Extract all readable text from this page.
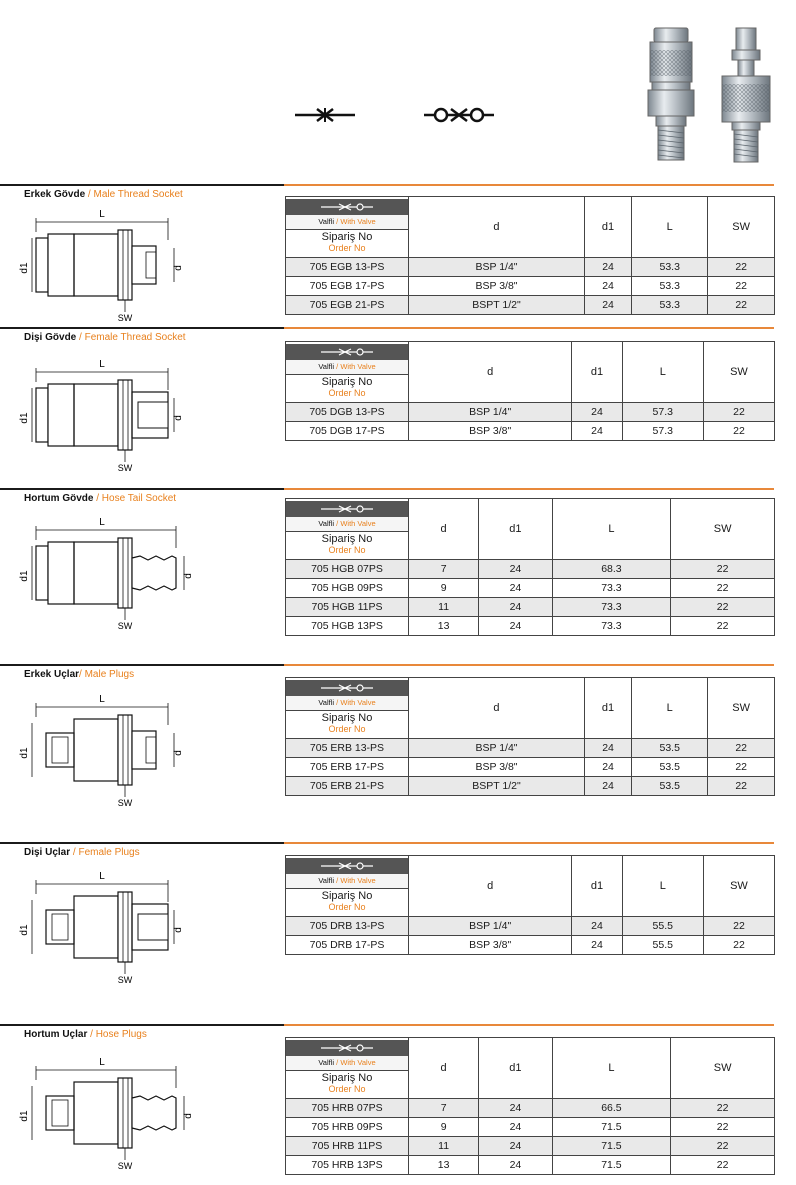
Erkek Gövde / Male Thread Socket
L
d1	d
SW
Valfli / With Valve
Sipariş No
Order No	d	d1	L	SW
705 EGB 13-PS	BSP 1/4"	24	53.3	22
705 EGB 17-PS	BSP 3/8"	24	53.3	22
705 EGB 21-PS	BSPT 1/2"	24	53.3	22
Dişi Gövde / Female Thread Socket
L
d1	d
SW
Valfli / With Valve
Sipariş No
Order No	d	d1	L	SW
705 DGB 13-PS	BSP 1/4"	24	57.3	22
705 DGB 17-PS	BSP 3/8"	24	57.3	22
Hortum Gövde / Hose Tail Socket
L
d1	d
SW
Valfli / With Valve
Sipariş No
Order No	d	d1	L	SW
705 HGB 07PS	7	24	68.3	22
705 HGB 09PS	9	24	73.3	22
705 HGB 11PS	11	24	73.3	22
705 HGB 13PS	13	24	73.3	22
Erkek Uçlar/ Male Plugs
L
d1	d
SW
Valfli / With Valve
Sipariş No
Order No	d	d1	L	SW
705 ERB 13-PS	BSP 1/4"	24	53.5	22
705 ERB 17-PS	BSP 3/8"	24	53.5	22
705 ERB 21-PS	BSPT 1/2"	24	53.5	22
Dişi Uçlar / Female Plugs
L
d1	d
SW
Valfli / With Valve
Sipariş No
Order No	d	d1	L	SW
705 DRB 13-PS	BSP 1/4"	24	55.5	22
705 DRB 17-PS	BSP 3/8"	24	55.5	22
Hortum Uçlar / Hose Plugs
L
d1	d
SW
Valfli / With Valve
Sipariş No
Order No	d	d1	L	SW
705 HRB 07PS	7	24	66.5	22
705 HRB 09PS	9	24	71.5	22
705 HRB 11PS	11	24	71.5	22
705 HRB 13PS	13	24	71.5	22
